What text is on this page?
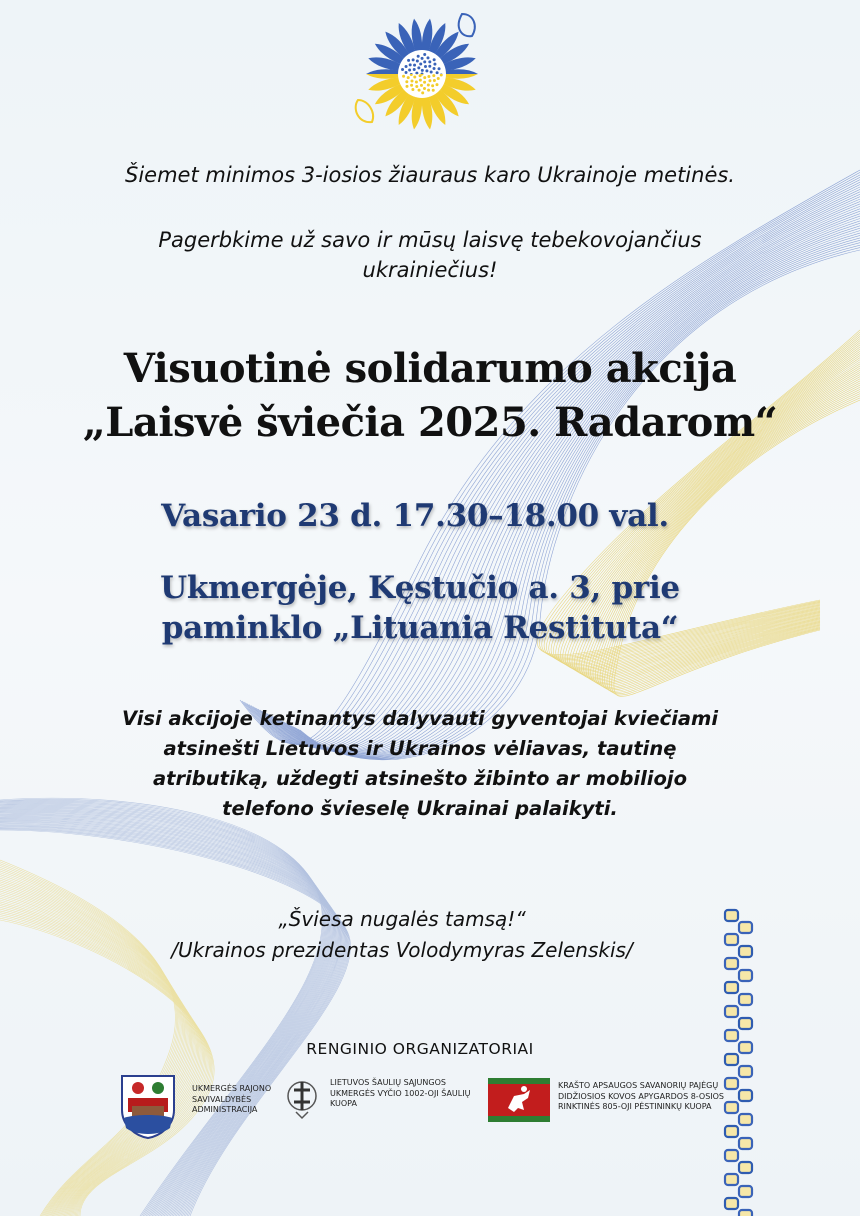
Šiemet minimos 3-iosios žiauraus karo Ukrainoje metinės.
Pagerbkime už savo ir mūsų laisvę tebekovojančius
ukrainiečius!
Visuotinė solidarumo akcija
„Laisvė šviečia 2025. Radarom“
Vasario 23 d. 17.30–18.00 val.
Ukmergėje, Kęstučio a. 3, prie
paminklo „Lituania Restituta“
Visi akcijoje ketinantys dalyvauti gyventojai kviečiami
atsinešti Lietuvos ir Ukrainos vėliavas, tautinę
atributiką, uždegti atsinešto žibinto ar mobiliojo
telefono švieselę Ukrainai palaikyti.
„Šviesa nugalės tamsą!“
/Ukrainos prezidentas Volodymyras Zelenskis/
RENGINIO ORGANIZATORIAI
UKMERGĖS RAJONO
SAVIVALDYBĖS
ADMINISTRACIJA
LIETUVOS ŠAULIŲ SĄJUNGOS
UKMERGĖS VYČIO 1002-OJI ŠAULIŲ
KUOPA
KRAŠTO APSAUGOS SAVANORIŲ PAJĖGŲ
DIDŽIOSIOS KOVOS APYGARDOS 8-OSIOS
RINKTINĖS 805-OJI PĖSTININKŲ KUOPA
